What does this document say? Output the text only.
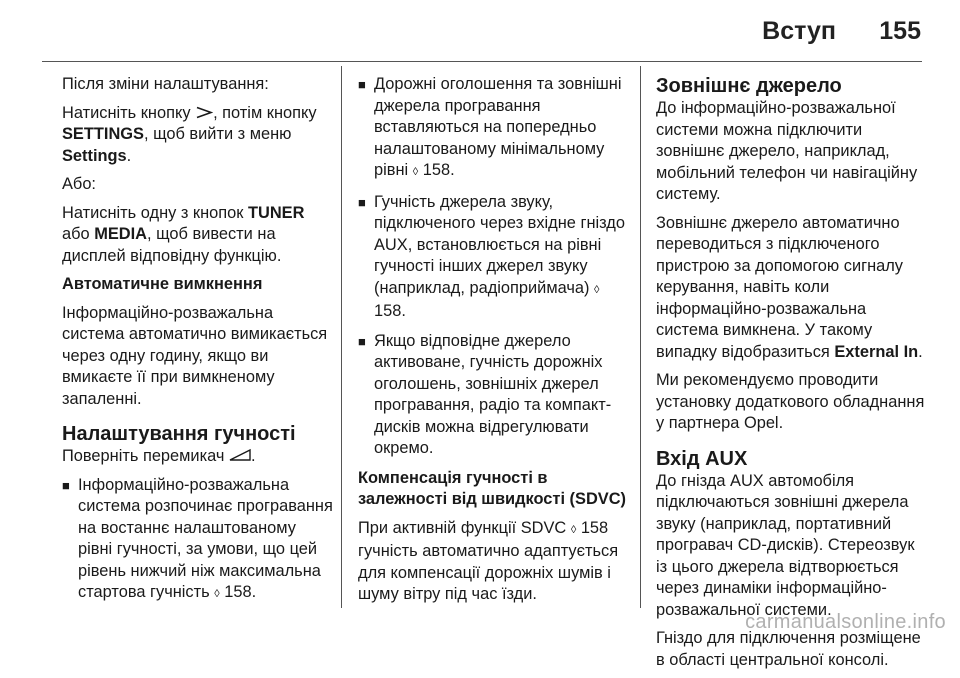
Вступ 155

Після зміни налаштування:

Натисніть кнопку , потім кнопку SETTINGS, щоб вийти з меню Settings.

Або:

Натисніть одну з кнопок TUNER або MEDIA, щоб вивести на дисплей відповідну функцію.

Автоматичне вимкнення

Інформаційно-розважальна система автоматично вимикається через одну годину, якщо ви вмикаєте її при вимкненому запаленні.

Налаштування гучності

Поверніть перемикач .

■ Інформаційно-розважальна система розпочинає програвання на востаннє налаштованому рівні гучності, за умови, що цей рівень нижчий ніж максимальна стартова гучність ◊ 158.
■ Дорожні оголошення та зовнішні джерела програвання вставляються на попередньо налаштованому мінімальному рівні ◊ 158.
■ Гучність джерела звуку, підключеного через вхідне гніздо AUX, встановлюється на рівні гучності інших джерел звуку (наприклад, радіоприймача) ◊ 158.
■ Якщо відповідне джерело активоване, гучність дорожніх оголошень, зовнішніх джерел програвання, радіо та компакт-дисків можна відрегулювати окремо.

Компенсація гучності в залежності від швидкості (SDVC)

При активній функції SDVC ◊ 158 гучність автоматично адаптується для компенсації дорожніх шумів і шуму вітру під час їзди.

Зовнішнє джерело

До інформаційно-розважальної системи можна підключити зовнішнє джерело, наприклад, мобільний телефон чи навігаційну систему.

Зовнішнє джерело автоматично переводиться з підключеного пристрою за допомогою сигналу керування, навіть коли інформаційно-розважальна система вимкнена. У такому випадку відобразиться External In.

Ми рекомендуємо проводити установку додаткового обладнання у партнера Opel.

Вхід AUX

До гнізда AUX автомобіля підключаються зовнішні джерела звуку (наприклад, портативний програвач CD-дисків). Стереозвук із цього джерела відтворюється через динаміки інформаційно-розважальної системи.

Гніздо для підключення розміщене в області центральної консолі.

carmanualsonline.info
